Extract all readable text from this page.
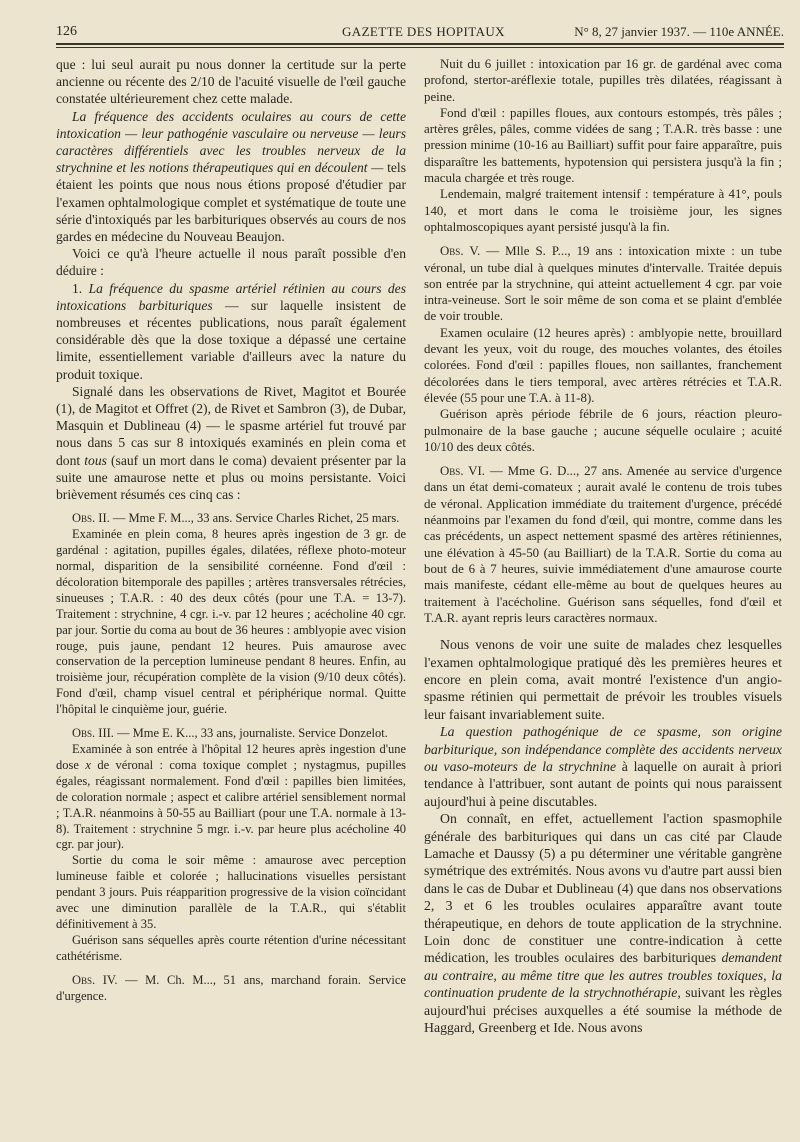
126	GAZETTE DES HOPITAUX	N° 8, 27 janvier 1937. — 110e ANNÉE.

que : lui seul aurait pu nous donner la certitude sur la perte ancienne ou récente des 2/10 de l'acuité visuelle de l'œil gauche constatée ultérieurement chez cette malade.

La fréquence des accidents oculaires au cours de cette intoxication — leur pathogénie vasculaire ou nerveuse — leurs caractères différentiels avec les troubles nerveux de la strychnine et les notions thérapeutiques qui en découlent — tels étaient les points que nous nous étions proposé d'étudier par l'examen ophtalmologique complet et systématique de toute une série d'intoxiqués par les barbituriques observés au cours de nos gardes en médecine du Nouveau Beaujon.

Voici ce qu'à l'heure actuelle il nous paraît possible d'en déduire :

1. La fréquence du spasme artériel rétinien au cours des intoxications barbituriques — sur laquelle insistent de nombreuses et récentes publications, nous paraît également considérable dès que la dose toxique a dépassé une certaine limite, essentiellement variable d'ailleurs avec la nature du produit toxique.

Signalé dans les observations de Rivet, Magitot et Bourée (1), de Magitot et Offret (2), de Rivet et Sambron (3), de Dubar, Masquin et Dublineau (4) — le spasme artériel fut trouvé par nous dans 5 cas sur 8 intoxiqués examinés en plein coma et dont tous (sauf un mort dans le coma) devaient présenter par la suite une amaurose nette et plus ou moins persistante. Voici brièvement résumés ces cinq cas :

Obs. II. — Mme F. M..., 33 ans. Service Charles Richet, 25 mars.

Examinée en plein coma, 8 heures après ingestion de 3 gr. de gardénal : agitation, pupilles égales, dilatées, réflexe photo-moteur normal, disparition de la sensibilité cornéenne. Fond d'œil : décoloration bitemporale des papilles ; artères transversales rétrécies, sinueuses ; T.A.R. : 40 des deux côtés (pour une T.A. = 13-7). Traitement : strychnine, 4 cgr. i.-v. par 12 heures ; acécholine 40 cgr. par jour. Sortie du coma au bout de 36 heures : amblyopie avec vision rouge, puis jaune, pendant 12 heures. Puis amaurose avec conservation de la perception lumineuse pendant 8 heures. Enfin, au troisième jour, récupération complète de la vision (9/10 deux côtés). Fond d'œil, champ visuel central et périphérique normal. Quitte l'hôpital le cinquième jour, guérie.

Obs. III. — Mme E. K..., 33 ans, journaliste. Service Donzelot.

Examinée à son entrée à l'hôpital 12 heures après ingestion d'une dose x de véronal : coma toxique complet ; nystagmus, pupilles égales, réagissant normalement. Fond d'œil : papilles bien limitées, de coloration normale ; aspect et calibre artériel sensiblement normal ; T.A.R. néanmoins à 50-55 au Bailliart (pour une T.A. normale à 13-8). Traitement : strychnine 5 mgr. i.-v. par heure plus acécholine 40 cgr. par jour).

Sortie du coma le soir même : amaurose avec perception lumineuse faible et colorée ; hallucinations visuelles persistant pendant 3 jours. Puis réapparition progressive de la vision coïncidant avec une diminution parallèle de la T.A.R., qui s'établit définitivement à 35.

Guérison sans séquelles après courte rétention d'urine nécessitant cathétérisme.

Obs. IV. — M. Ch. M..., 51 ans, marchand forain. Service d'urgence.

Nuit du 6 juillet : intoxication par 16 gr. de gardénal avec coma profond, stertor-aréflexie totale, pupilles très dilatées, réagissant à peine.

Fond d'œil : papilles floues, aux contours estompés, très pâles ; artères grêles, pâles, comme vidées de sang ; T.A.R. très basse : une pression minime (10-16 au Bailliart) suffit pour faire apparaître, puis disparaître les battements, hypotension qui persistera jusqu'à la fin ; macula chargée et très rouge.

Lendemain, malgré traitement intensif : température à 41°, pouls 140, et mort dans le coma le troisième jour, les signes ophtalmoscopiques ayant persisté jusqu'à la fin.

Obs. V. — Mlle S. P..., 19 ans : intoxication mixte : un tube véronal, un tube dial à quelques minutes d'intervalle. Traitée depuis son entrée par la strychnine, qui atteint actuellement 4 cgr. par voie intra-veineuse. Sort le soir même de son coma et se plaint d'emblée de voir trouble.

Examen oculaire (12 heures après) : amblyopie nette, brouillard devant les yeux, voit du rouge, des mouches volantes, des étoiles colorées. Fond d'œil : papilles floues, non saillantes, franchement décolorées dans le tiers temporal, avec artères rétrécies et T.A.R. élevée (55 pour une T.A. à 11-8).

Guérison après période fébrile de 6 jours, réaction pleuro-pulmonaire de la base gauche ; aucune séquelle oculaire ; acuité 10/10 des deux côtés.

Obs. VI. — Mme G. D..., 27 ans. Amenée au service d'urgence dans un état demi-comateux ; aurait avalé le contenu de trois tubes de véronal. Application immédiate du traitement d'urgence, précédé néanmoins par l'examen du fond d'œil, qui montre, comme dans les cas précédents, un aspect nettement spasmé des artères rétiniennes, une élévation à 45-50 (au Bailliart) de la T.A.R. Sortie du coma au bout de 6 à 7 heures, suivie immédiatement d'une amaurose courte mais manifeste, cédant elle-même au bout de quelques heures au traitement à l'acécholine. Guérison sans séquelles, fond d'œil et T.A.R. ayant repris leurs caractères normaux.

Nous venons de voir une suite de malades chez lesquelles l'examen ophtalmologique pratiqué dès les premières heures et encore en plein coma, avait montré l'existence d'un angio-spasme rétinien qui permettait de prévoir les troubles visuels leur faisant invariablement suite.

La question pathogénique de ce spasme, son origine barbiturique, son indépendance complète des accidents nerveux ou vaso-moteurs de la strychnine à laquelle on aurait à priori tendance à l'attribuer, sont autant de points qui nous paraissent aujourd'hui à peine discutables.

On connaît, en effet, actuellement l'action spasmophile générale des barbituriques qui dans un cas cité par Claude Lamache et Daussy (5) a pu déterminer une véritable gangrène symétrique des extrémités. Nous avons vu d'autre part aussi bien dans le cas de Dubar et Dublineau (4) que dans nos observations 2, 3 et 6 les troubles oculaires apparaître avant toute thérapeutique, en dehors de toute application de la strychnine. Loin donc de constituer une contre-indication à cette médication, les troubles oculaires des barbituriques demandent au contraire, au même titre que les autres troubles toxiques, la continuation prudente de la strychnothérapie, suivant les règles aujourd'hui précises auxquelles a été soumise la méthode de Haggard, Greenberg et Ide. Nous avons
